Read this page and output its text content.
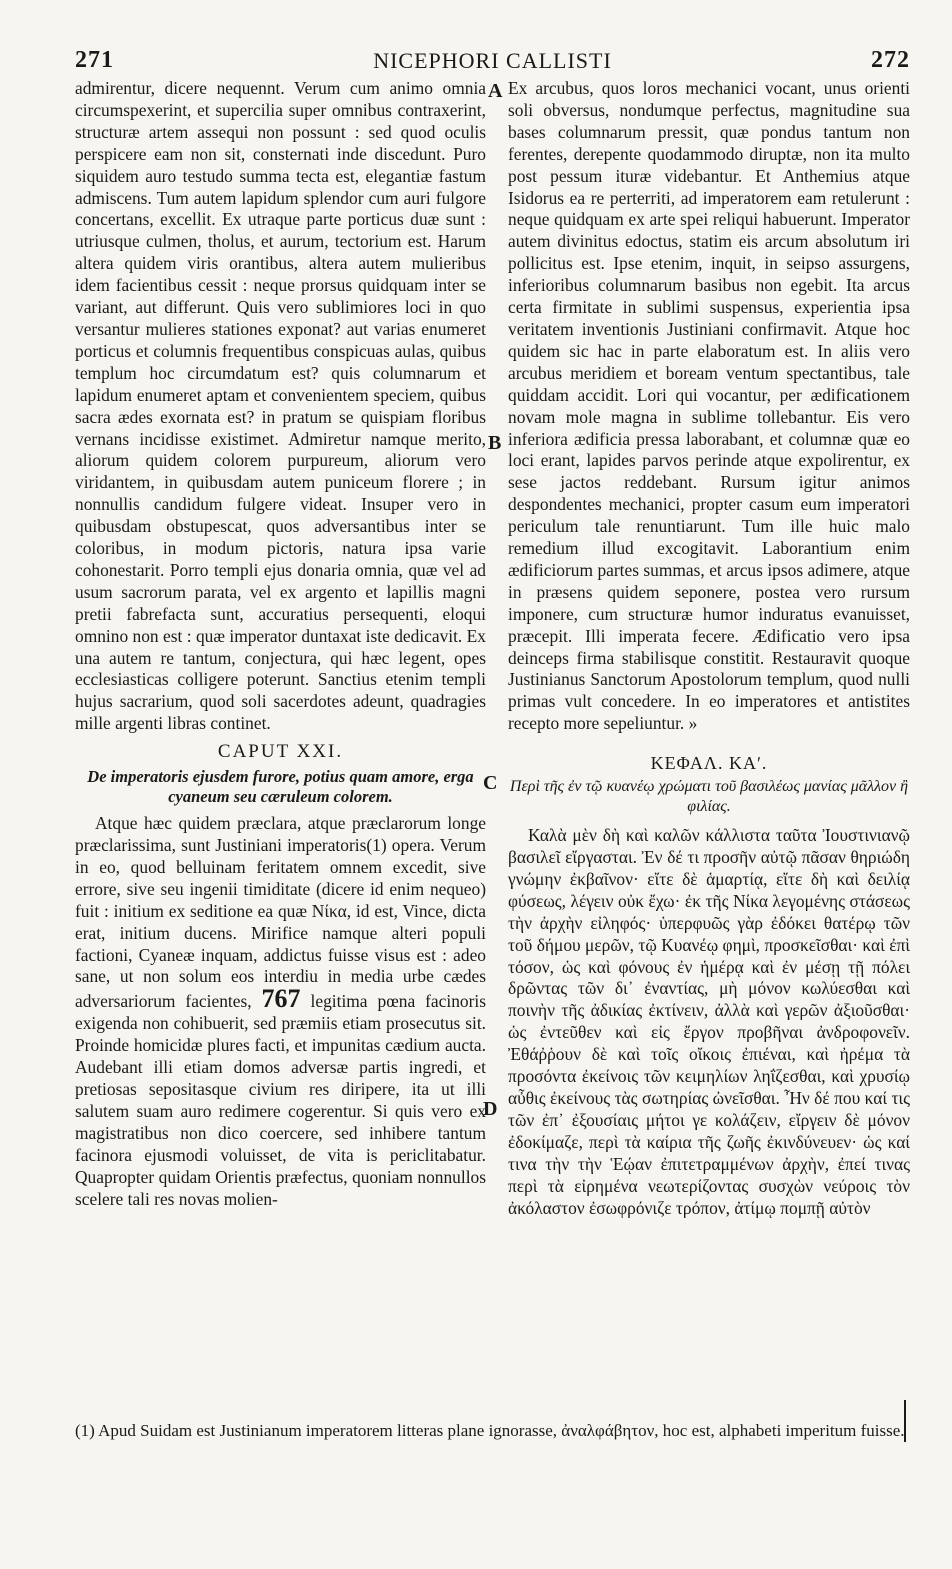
271	NICEPHORI CALLISTI	272
A
B
C
D

admirentur, dicere nequennt. Verum cum animo omnia circumspexerint, et supercilia super omnibus contraxerint, structuræ artem assequi non possunt : sed quod oculis perspicere eam non sit, consternati inde discedunt. Puro siquidem auro testudo summa tecta est, elegantiæ fastum admiscens. Tum autem lapidum splendor cum auri fulgore concertans, excellit. Ex utraque parte porticus duæ sunt : utriusque culmen, tholus, et aurum, tectorium est. Harum altera quidem viris orantibus, altera autem mulieribus idem facientibus cessit : neque prorsus quidquam inter se variant, aut differunt. Quis vero sublimiores loci in quo versantur mulieres stationes exponat? aut varias enumeret porticus et columnis frequentibus conspicuas aulas, quibus templum hoc circumdatum est? quis columnarum et lapidum enumeret aptam et convenientem speciem, quibus sacra ædes exornata est? in pratum se quispiam floribus vernans incidisse existimet. Admiretur namque merito, aliorum quidem colorem purpureum, aliorum vero viridantem, in quibusdam autem puniceum florere ; in nonnullis candidum fulgere videat. Insuper vero in quibusdam obstupescat, quos adversantibus inter se coloribus, in modum pictoris, natura ipsa varie cohonestarit. Porro templi ejus donaria omnia, quæ vel ad usum sacrorum parata, vel ex argento et lapillis magni pretii fabrefacta sunt, accuratius persequenti, eloqui omnino non est : quæ imperator duntaxat iste dedicavit. Ex una autem re tantum, conjectura, qui hæc legent, opes ecclesiasticas colligere poterunt. Sanctius etenim templi hujus sacrarium, quod soli sacerdotes adeunt, quadragies mille argenti libras continet.

CAPUT XXI.
De imperatoris ejusdem furore, potius quam amore, erga cyaneum seu cæruleum colorem.

Atque hæc quidem præclara, atque præclarorum longe præclarissima, sunt Justiniani imperatoris(1) opera. Verum in eo, quod belluinam feritatem omnem excedit, sive errore, sive seu ingenii timiditate (dicere id enim nequeo) fuit : initium ex seditione ea quæ Νίκα, id est, Vince, dicta erat, initium ducens. Mirifice namque alteri populi factioni, Cyaneæ inquam, addictus fuisse visus est : adeo sane, ut non solum eos interdiu in media urbe cædes adversariorum facientes, 767 legitima pœna facinoris exigenda non cohibuerit, sed præmiis etiam prosecutus sit. Proinde homicidæ plures facti, et impunitas cædium aucta. Audebant illi etiam domos adversæ partis ingredi, et pretiosas sepositasque civium res diripere, ita ut illi salutem suam auro redimere cogerentur. Si quis vero ex magistratibus non dico coercere, sed inhibere tantum facinora ejusmodi voluisset, de vita is periclitabatur. Quapropter quidam Orientis præfectus, quoniam nonnullos scelere tali res novas molien-

Ex arcubus, quos loros mechanici vocant, unus orienti soli obversus, nondumque perfectus, magnitudine sua bases columnarum pressit, quæ pondus tantum non ferentes, derepente quodammodo diruptæ, non ita multo post pessum ituræ videbantur. Et Anthemius atque Isidorus ea re perterriti, ad imperatorem eam retulerunt : neque quidquam ex arte spei reliqui habuerunt. Imperator autem divinitus edoctus, statim eis arcum absolutum iri pollicitus est. Ipse etenim, inquit, in seipso assurgens, inferioribus columnarum basibus non egebit. Ita arcus certa firmitate in sublimi suspensus, experientia ipsa veritatem inventionis Justiniani confirmavit. Atque hoc quidem sic hac in parte elaboratum est. In aliis vero arcubus meridiem et boream ventum spectantibus, tale quiddam accidit. Lori qui vocantur, per ædificationem novam mole magna in sublime tollebantur. Eis vero inferiora ædificia pressa laborabant, et columnæ quæ eo loci erant, lapides parvos perinde atque expolirentur, ex sese jactos reddebant. Rursum igitur animos despondentes mechanici, propter casum eum imperatori periculum tale renuntiarunt. Tum ille huic malo remedium illud excogitavit. Laborantium enim ædificiorum partes summas, et arcus ipsos adimere, atque in præsens quidem seponere, postea vero rursum imponere, cum structuræ humor induratus evanuisset, præcepit. Illi imperata fecere. Ædificatio vero ipsa deinceps firma stabilisque constitit. Restauravit quoque Justinianus Sanctorum Apostolorum templum, quod nulli primas vult concedere. In eo imperatores et antistites recepto more sepeliuntur. »

ΚΕΦΑΛ. ΚΑʹ.
Περὶ τῆς ἐν τῷ κυανέῳ χρώματι τοῦ βασιλέως μανίας μᾶλλον ἢ φιλίας.

Καλὰ μὲν δὴ καὶ καλῶν κάλλιστα ταῦτα Ἰουστινιανῷ βασιλεῖ εἴργασται. Ἐν δέ τι προσῆν αὐτῷ πᾶσαν θηριώδη γνώμην ἐκβαῖνον· εἴτε δὲ ἁμαρτίᾳ, εἴτε δὴ καὶ δειλίᾳ φύσεως, λέγειν οὐκ ἔχω· ἐκ τῆς Νίκα λεγομένης στάσεως τὴν ἀρχὴν εἰληφός· ὑπερφυῶς γὰρ ἐδόκει θατέρῳ τῶν τοῦ δήμου μερῶν, τῷ Κυανέῳ φημὶ, προσκεῖσθαι· καὶ ἐπὶ τόσον, ὡς καὶ φόνους ἐν ἡμέρᾳ καὶ ἐν μέσῃ τῇ πόλει δρῶντας τῶν δι᾽ ἐναντίας, μὴ μόνον κωλύεσθαι καὶ ποινὴν τῆς ἀδικίας ἐκτίνειν, ἀλλὰ καὶ γερῶν ἀξιοῦσθαι· ὡς ἐντεῦθεν καὶ εἰς ἔργον προβῆναι ἀνδροφονεῖν. Ἐθάῤῥουν δὲ καὶ τοῖς οἴκοις ἐπιέναι, καὶ ἠρέμα τὰ προσόντα ἐκείνοις τῶν κειμηλίων ληΐζεσθαι, καὶ χρυσίῳ αὖθις ἐκείνους τὰς σωτηρίας ὠνεῖσθαι. Ἦν δέ που καί τις τῶν ἐπ᾽ ἐξουσίαις μήτοι γε κολάζειν, εἴργειν δὲ μόνον ἐδοκίμαζε, περὶ τὰ καίρια τῆς ζωῆς ἐκινδύνευεν· ὡς καί τινα τὴν τὴν Ἑῴαν ἐπιτετραμμένων ἀρχὴν, ἐπεί τινας περὶ τὰ εἰρημένα νεωτερίζοντας συσχὼν νεύροις τὸν ἀκόλαστον ἐσωφρόνιζε τρόπον, ἀτίμῳ πομπῇ αὐτὸν

(1) Apud Suidam est Justinianum imperatorem litteras plane ignorasse, ἀναλφάβητον, hoc est, alphabeti imperitum fuisse.
